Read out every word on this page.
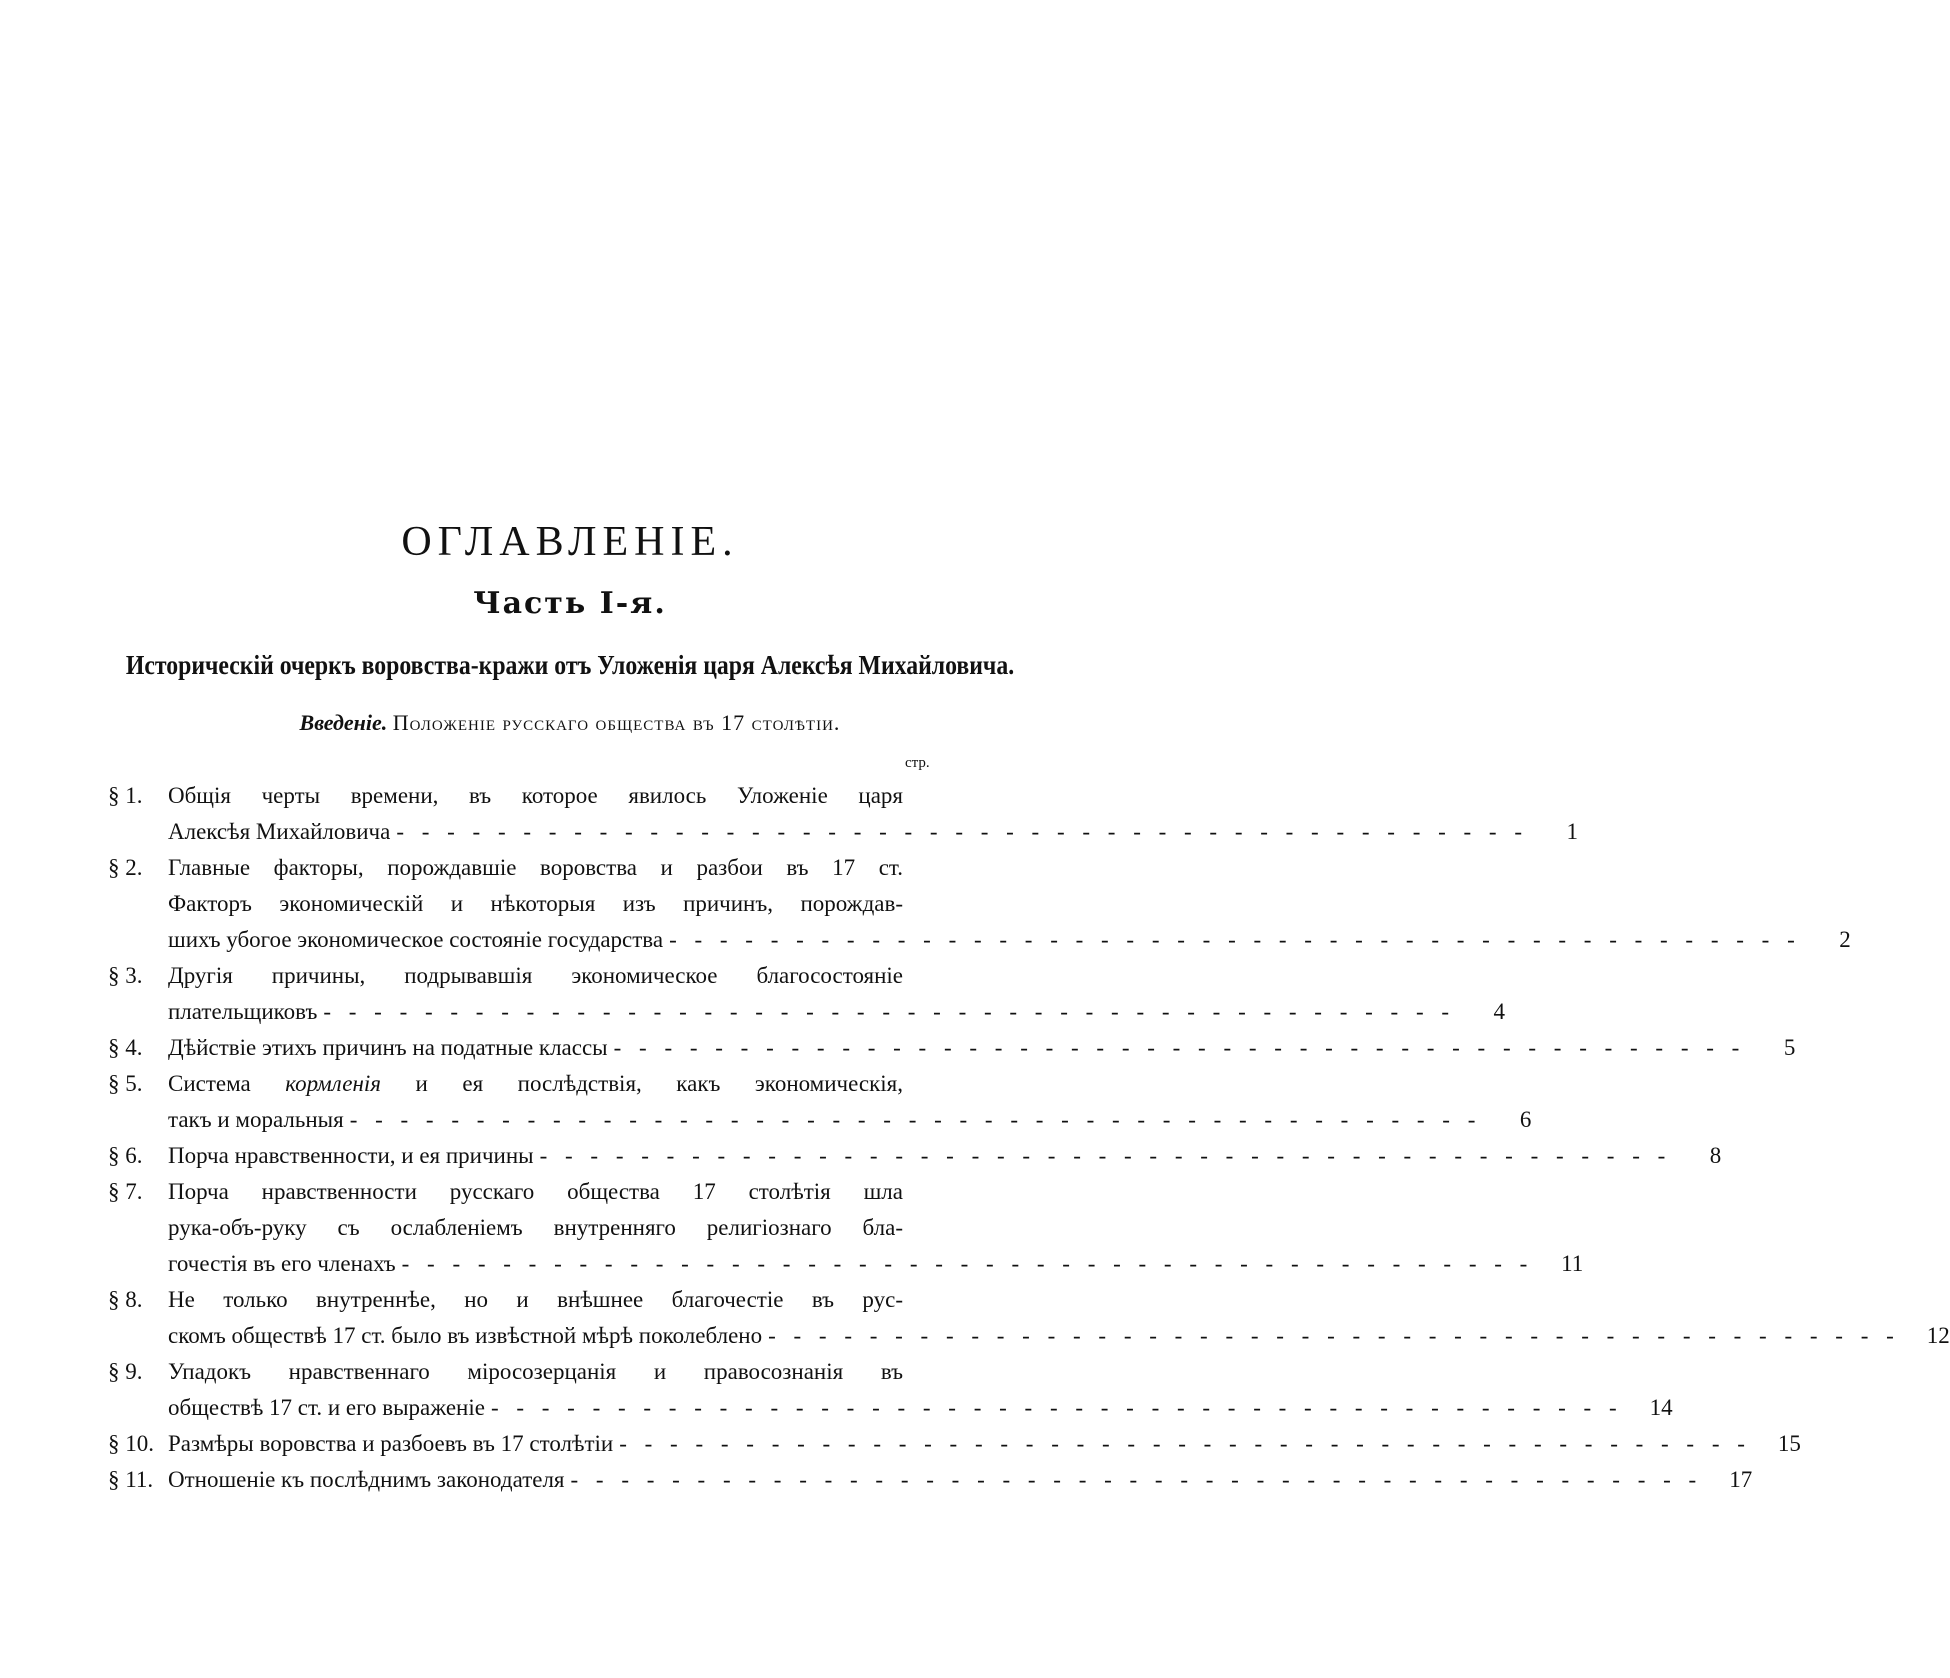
ОГЛАВЛЕНІЕ.
Часть I-я.
Историческій очеркъ воровства-кражи отъ Уложенія царя Алексѣя Михайловича.

Введеніе. Положеніе русскаго общества въ 17 столѣтіи.

стр.
§ 1.	Общія черты времени, въ которое явилось Уложеніе царя
Алексѣя Михайловича - - - - - - - - - - - - - - - - - - - - - - - - - - - - - - - - - - - - - - - - - - - - -	1
§ 2.	Главные факторы, порождавшіе воровства и разбои въ 17 ст.
Факторъ экономическій и нѣкоторыя изъ причинъ, порождав-
шихъ убогое экономическое состояніе государства - - - - - - - - - - - - - - - - - - - - - - - - - - - - - - - - - - - - - - - - - - - - -	2
§ 3.	Другія причины, подрывавшія экономическое благосостояніе
плательщиковъ - - - - - - - - - - - - - - - - - - - - - - - - - - - - - - - - - - - - - - - - - - - - -	4
§ 4.	Дѣйствіе этихъ причинъ на податные классы - - - - - - - - - - - - - - - - - - - - - - - - - - - - - - - - - - - - - - - - - - - - -	5
§ 5.	Система кормленія и ея послѣдствія, какъ экономическія,
такъ и моральныя - - - - - - - - - - - - - - - - - - - - - - - - - - - - - - - - - - - - - - - - - - - - -	6
§ 6.	Порча нравственности, и ея причины - - - - - - - - - - - - - - - - - - - - - - - - - - - - - - - - - - - - - - - - - - - - -	8
§ 7.	Порча нравственности русскаго общества 17 столѣтія шла
рука-объ-руку съ ослабленіемъ внутренняго религіознаго бла-
гочестія въ его членахъ - - - - - - - - - - - - - - - - - - - - - - - - - - - - - - - - - - - - - - - - - - - - -	11
§ 8.	Не только внутреннѣе, но и внѣшнее благочестіе въ рус-
скомъ обществѣ 17 ст. было въ извѣстной мѣрѣ поколеблено - - - - - - - - - - - - - - - - - - - - - - - - - - - - - - - - - - - - - - - - - - - - -	12
§ 9.	Упадокъ нравственнаго міросозерцанія и правосознанія въ
обществѣ 17 ст. и его выраженіе - - - - - - - - - - - - - - - - - - - - - - - - - - - - - - - - - - - - - - - - - - - - -	14
§ 10. Размѣры воровства и разбоевъ въ 17 столѣтіи - - - - - - - - - - - - - - - - - - - - - - - - - - - - - - - - - - - - - - - - - - - - -	15
§ 11. Отношеніе къ послѣднимъ законодателя - - - - - - - - - - - - - - - - - - - - - - - - - - - - - - - - - - - - - - - - - - - - -	17
